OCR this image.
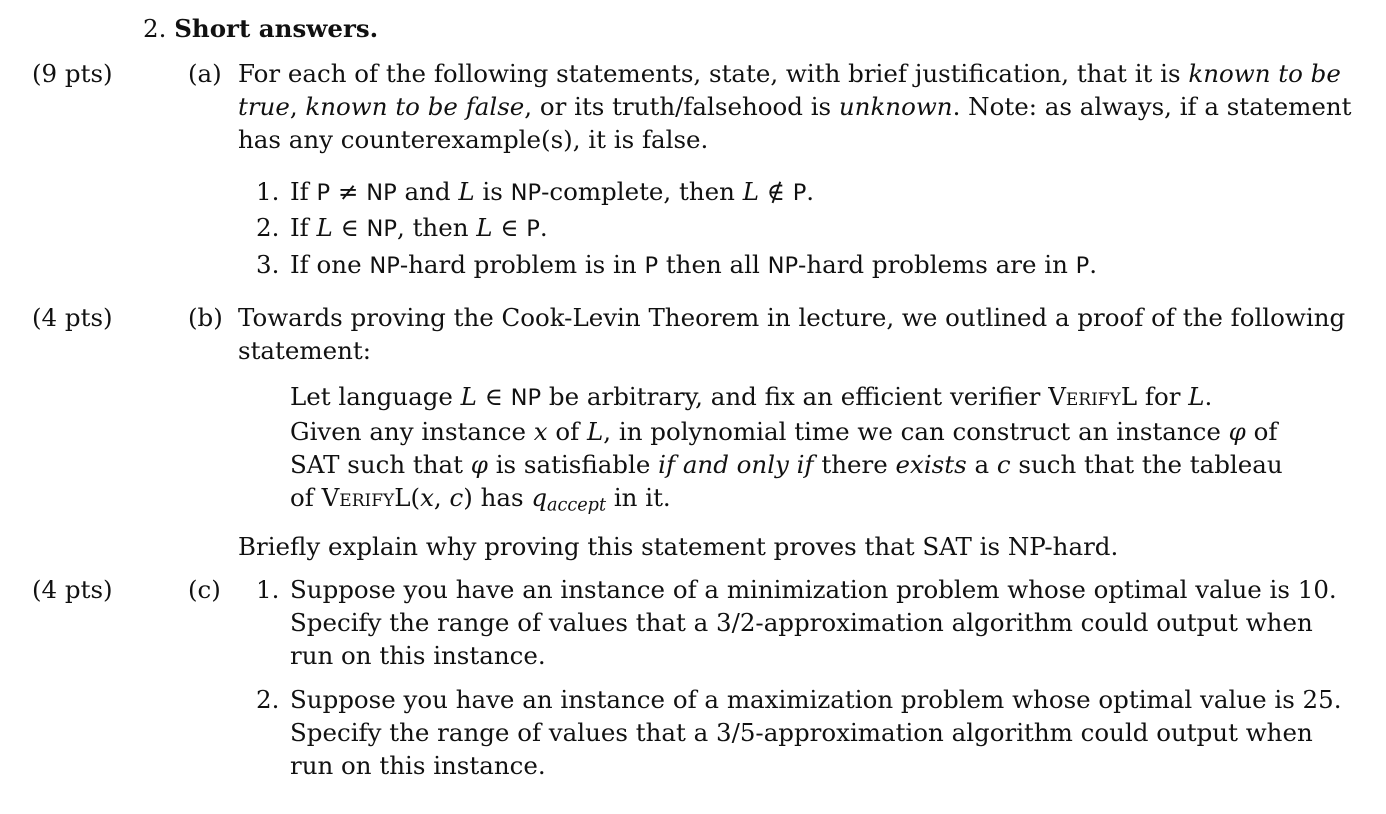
2. Short answers.
(9 pts)	(a) For each of the following statements, state, with brief justification, that it is known to be
true, known to be false, or its truth/falsehood is unknown. Note: as always, if a statement
has any counterexample(s), it is false.
1. If P ≠ NP and L is NP-complete, then L ∉ P.
2. If L ∈ NP, then L ∈ P.
3. If one NP-hard problem is in P then all NP-hard problems are in P.
(4 pts)	(b) Towards proving the Cook-Levin Theorem in lecture, we outlined a proof of the following
statement:
Let language L ∈ NP be arbitrary, and fix an efficient verifier VerifyL for L.
Given any instance x of L, in polynomial time we can construct an instance φ of
SAT such that φ is satisfiable if and only if there exists a c such that the tableau
of VerifyL(x, c) has $q_{accept}$ in it.
Briefly explain why proving this statement proves that SAT is NP-hard.
(4 pts)	(c) 1. Suppose you have an instance of a minimization problem whose optimal value is 10.
Specify the range of values that a 3/2-approximation algorithm could output when
run on this instance.
2. Suppose you have an instance of a maximization problem whose optimal value is 25.
Specify the range of values that a 3/5-approximation algorithm could output when
run on this instance.
